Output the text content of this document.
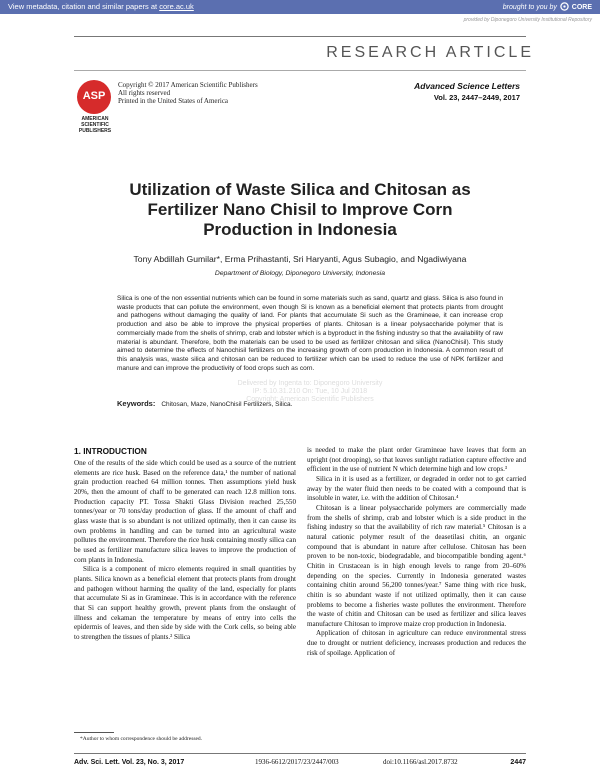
View metadata, citation and similar papers at core.ac.uk	brought to you by CORE
provided by Diponegoro University Institutional Repository
RESEARCH ARTICLE
ASP
AMERICAN
SCIENTIFIC
PUBLISHERS
Copyright © 2017 American Scientific Publishers
All rights reserved
Printed in the United States of America
Advanced Science Letters
Vol. 23, 2447–2449, 2017
Utilization of Waste Silica and Chitosan as
Fertilizer Nano Chisil to Improve Corn
Production in Indonesia
Tony Abdillah Gumilar*, Erma Prihastanti, Sri Haryanti, Agus Subagio, and Ngadiwiyana
Department of Biology, Diponegoro University, Indonesia
Silica is one of the non essential nutrients which can be found in some materials such as sand, quartz and glass. Silica is also found in waste products that can pollute the environment, even though Si is known as a beneficial element that protects plants from drought and pathogens without damaging the quality of land. For plants that accumulate Si such as the Gramineae, it can increase crop production and also be able to improve the physical properties of plants. Chitosan is a linear polysaccharide polymer that is commercially made from the shells of shrimp, crab and lobster which is a byproduct in the fishing industry so that the availability of raw material is abundant. Therefore, both the materials can be used to be used as fertilizer chitosan and silica (NanoChisil). This study aimed to determine the effects of Nanochisil fertilizers on the increasing growth of corn production in Indonesia. A common result of this analysis was, waste silica and chitosan can be reduced to fertilizer which can be used to reduce the use of NPK fertilizer and manure and can improve the productivity of food crops such as corn.
Delivered by Ingenta to: Diponegoro University
IP: 5.10.31.210 On: Tue, 10 Jul 2018
Copyright: American Scientific Publishers
Keywords: Chitosan, Maze, NanoChisil Fertilizers, Silica.
1. INTRODUCTION

One of the results of the side which could be used as a source of the nutrient elements are rice husk. Based on the reference data,¹ the number of national grain production reached 64 million tonnes. Then assumptions yield husk 20%, then the amount of chaff to be generated can reach 12.8 million tons. Production capacity PT. Tossa Shakti Glass Division reached 25,550 tonnes/year or 70 tons/day production of glass. If the amount of chaff and glass waste that is so abundant is not utilized optimally, then it can cause its own problems in handling and can be turned into an agricultural waste pollutes the environment. Therefore the rice husk containing mostly silica can be used as fertilizer manufacture silica leaves to improve the production of corn plants in Indonesia.

Silica is a component of micro elements required in small quantities by plants. Silica known as a beneficial element that protects plants from drought and pathogen without harming the quality of the land, especially for plants that accumulate Si as in Gramineae. This is in accordance with the reference that Si can support healthy growth, prevent plants from the onslaught of illness and cekaman the temperature by means of entry into cells the epidermis of leaves, and then side by side with the Cork cells, so being able to strengthen the tissues of plants.² Silica

is needed to make the plant order Gramineae have leaves that form an upright (not drooping), so that leaves sunlight radiation capture effective and efficient in the use of nutrient N which determine high and low crops.³

Silica in it is used as a fertilizer, or degraded in order not to get carried away by the water fluid then needs to be coated with a compound that is insoluble in water, i.e. with the addition of Chitosan.⁴

Chitosan is a linear polysaccharide polymers are commercially made from the shells of shrimp, crab and lobster which is a side product in the fishing industry so that the availability of rich raw material.⁵ Chitosan is a natural cationic polymer result of the deasetilasi chitin, an organic compound that is abundant in nature after cellulose. Chitosan has been proven to be non-toxic, biodegradable, and biocompatible bonding agent.⁶ Chitin in Crustacean is in high enough levels to range from 20–60% depending on the species. Currently in Indonesia generated wastes containing chitin around 56,200 tonnes/year.⁷ Same thing with rice husk, chitin is so abundant waste if not utilized optimally, then it can cause problems to become a fisheries waste pollutes the environment. Therefore the waste of chitin and Chitosan can be used as fertilizer and silica leaves manufacture Chitosan to improve maize crop production in Indonesia.

Application of chitosan in agriculture can reduce environmental stress due to drought or nutrient deficiency, increases production and reduces the risk of spoilage. Application of

*Author to whom correspondence should be addressed.
Adv. Sci. Lett. Vol. 23, No. 3, 2017	1936-6612/2017/23/2447/003	doi:10.1166/asl.2017.8732	2447
